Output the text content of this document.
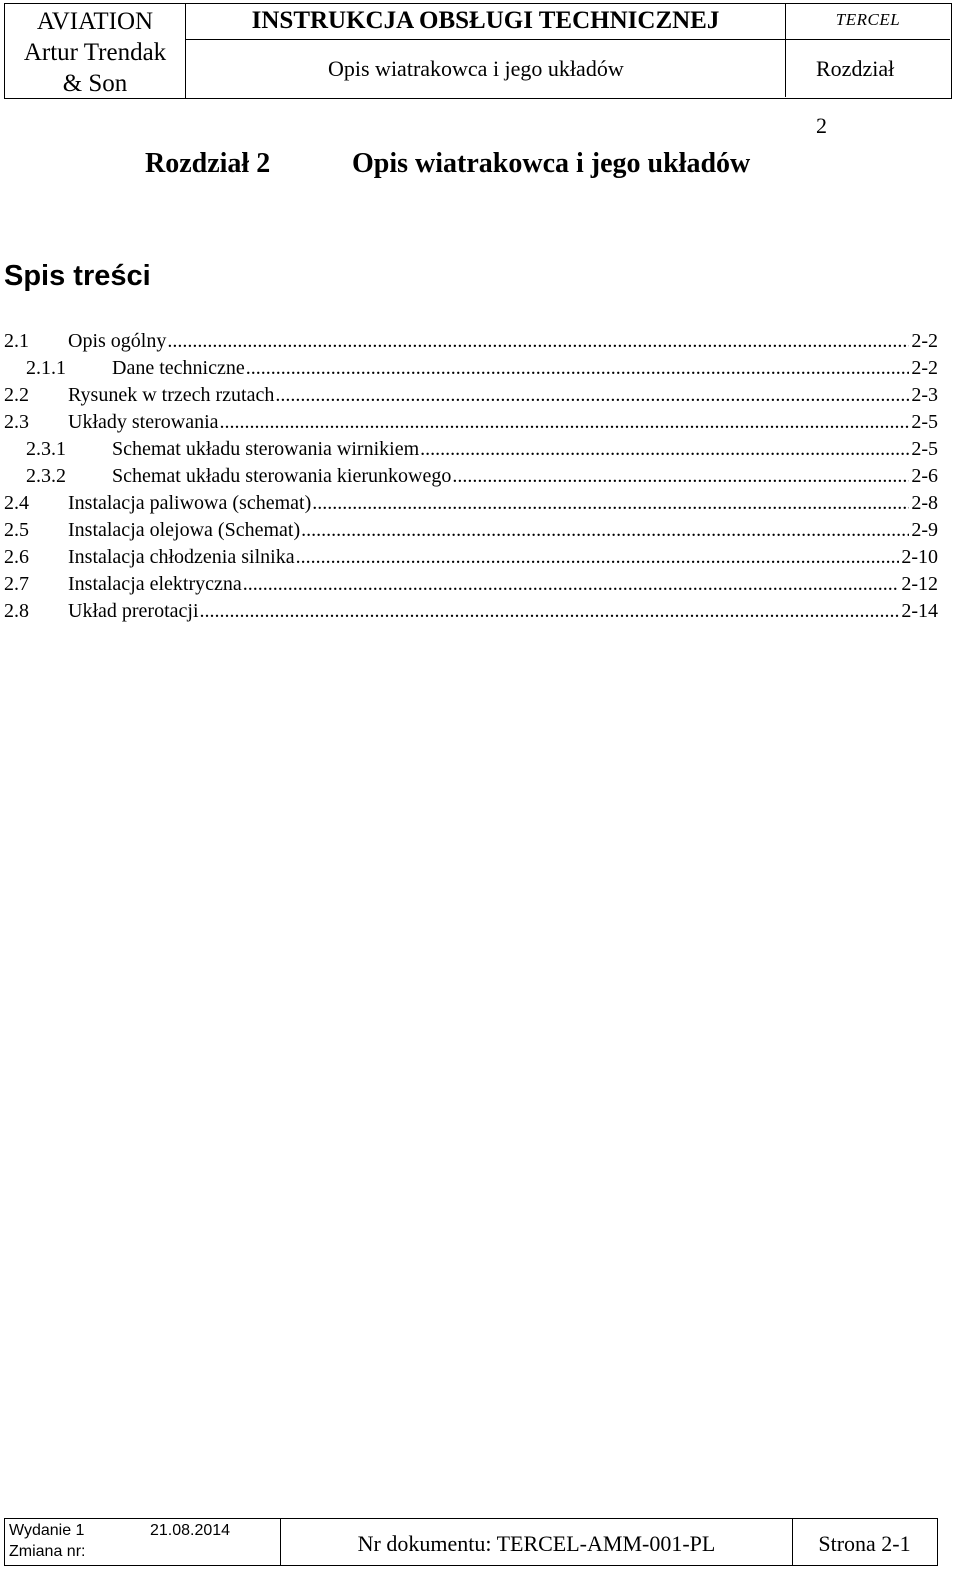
AVIATION
Artur Trendak
& Son
INSTRUKCJA OBSŁUGI TECHNICZNEJ	TERCEL
Opis wiatrakowca i jego układów	Rozdział 2
Rozdział 2	Opis wiatrakowca i jego układów
Spis treści
2.1	Opis ogólny .....	2-2
2.1.1	Dane techniczne .....	2-2
2.2	Rysunek w trzech rzutach .....	2-3
2.3	Układy sterowania .....	2-5
2.3.1	Schemat układu sterowania wirnikiem .....	2-5
2.3.2	Schemat układu sterowania kierunkowego .....	2-6
2.4	Instalacja paliwowa (schemat) .....	2-8
2.5	Instalacja olejowa (Schemat) .....	2-9
2.6	Instalacja chłodzenia silnika .....	2-10
2.7	Instalacja elektryczna .....	2-12
2.8	Układ prerotacji .....	2-14
Wydanie 1	21.08.2014
Zmiana nr:	Nr dokumentu: TERCEL-AMM-001-PL	Strona 2-1
